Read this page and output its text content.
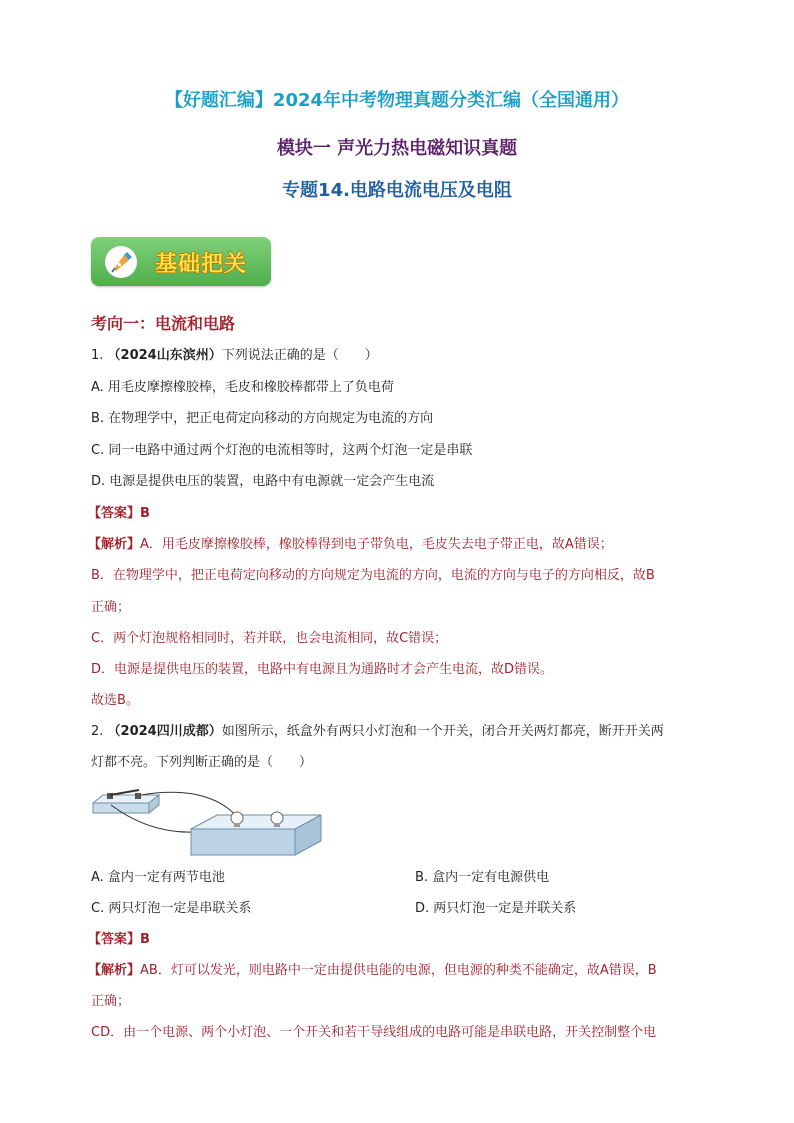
【好题汇编】2024年中考物理真题分类汇编（全国通用）
模块一 声光力热电磁知识真题
专题14.电路电流电压及电阻
基础把关
考向一：电流和电路
1. （2024山东滨州）下列说法正确的是（　　）
A. 用毛皮摩擦橡胶棒，毛皮和橡胶棒都带上了负电荷
B. 在物理学中，把正电荷定向移动的方向规定为电流的方向
C. 同一电路中通过两个灯泡的电流相等时，这两个灯泡一定是串联
D. 电源是提供电压的装置，电路中有电源就一定会产生电流
【答案】B
【解析】A．用毛皮摩擦橡胶棒，橡胶棒得到电子带负电，毛皮失去电子带正电，故A错误；
B．在物理学中，把正电荷定向移动的方向规定为电流的方向，电流的方向与电子的方向相反，故B
正确；
C．两个灯泡规格相同时，若并联，也会电流相同，故C错误；
D．电源是提供电压的装置，电路中有电源且为通路时才会产生电流，故D错误。
故选B。
2. （2024四川成都）如图所示，纸盒外有两只小灯泡和一个开关，闭合开关两灯都亮，断开开关两
灯都不亮。下列判断正确的是（　　）
A. 盒内一定有两节电池	B. 盒内一定有电源供电
C. 两只灯泡一定是串联关系	D. 两只灯泡一定是并联关系
【答案】B
【解析】AB．灯可以发光，则电路中一定由提供电能的电源，但电源的种类不能确定，故A错误，B
正确；
CD．由一个电源、两个小灯泡、一个开关和若干导线组成的电路可能是串联电路，开关控制整个电
